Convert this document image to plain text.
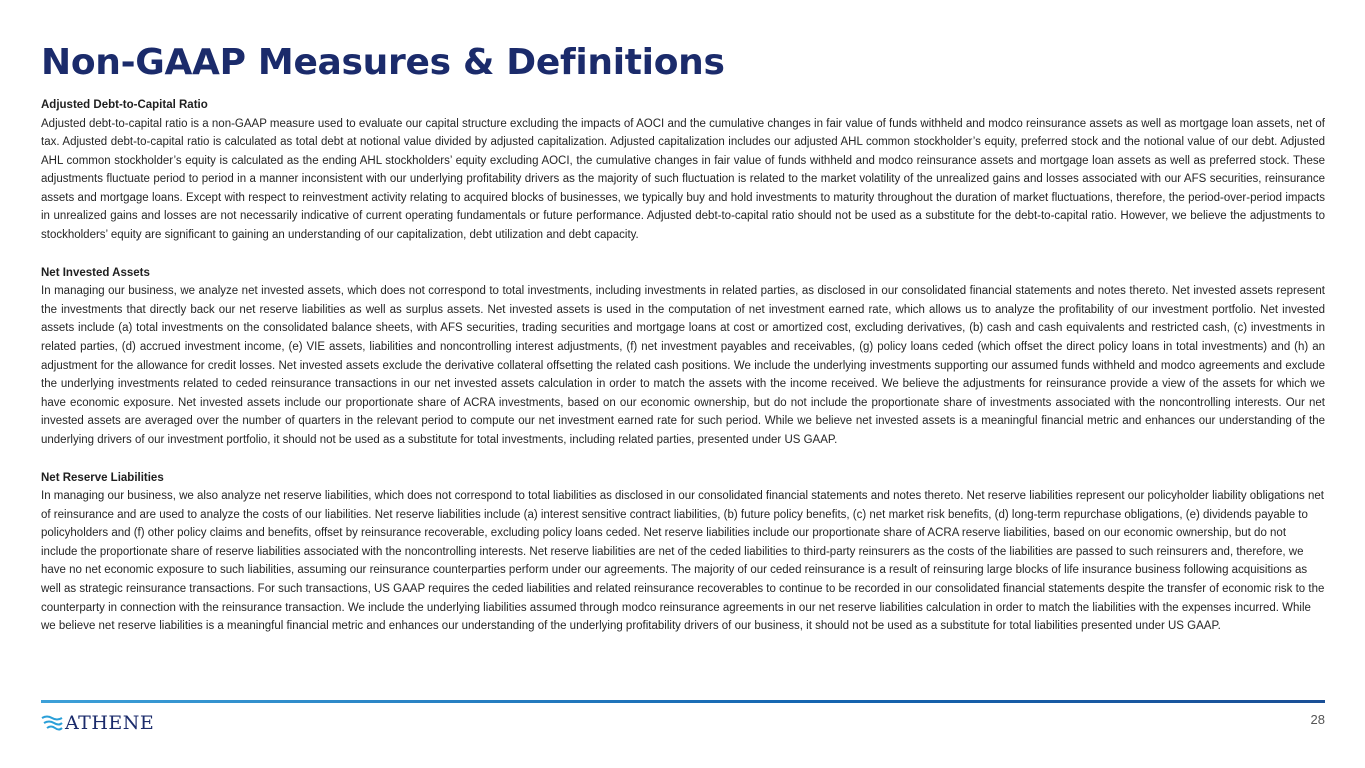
Non-GAAP Measures & Definitions

Adjusted Debt-to-Capital Ratio

Adjusted debt-to-capital ratio is a non-GAAP measure used to evaluate our capital structure excluding the impacts of AOCI and the cumulative changes in fair value of funds withheld and modco reinsurance assets as well as mortgage loan assets, net of tax. Adjusted debt-to-capital ratio is calculated as total debt at notional value divided by adjusted capitalization. Adjusted capitalization includes our adjusted AHL common stockholder’s equity, preferred stock and the notional value of our debt. Adjusted AHL common stockholder’s equity is calculated as the ending AHL stockholders’ equity excluding AOCI, the cumulative changes in fair value of funds withheld and modco reinsurance assets and mortgage loan assets as well as preferred stock. These adjustments fluctuate period to period in a manner inconsistent with our underlying profitability drivers as the majority of such fluctuation is related to the market volatility of the unrealized gains and losses associated with our AFS securities, reinsurance assets and mortgage loans. Except with respect to reinvestment activity relating to acquired blocks of businesses, we typically buy and hold investments to maturity throughout the duration of market fluctuations, therefore, the period-over-period impacts in unrealized gains and losses are not necessarily indicative of current operating fundamentals or future performance. Adjusted debt-to-capital ratio should not be used as a substitute for the debt-to-capital ratio. However, we believe the adjustments to stockholders’ equity are significant to gaining an understanding of our capitalization, debt utilization and debt capacity.

Net Invested Assets

In managing our business, we analyze net invested assets, which does not correspond to total investments, including investments in related parties, as disclosed in our consolidated financial statements and notes thereto. Net invested assets represent the investments that directly back our net reserve liabilities as well as surplus assets. Net invested assets is used in the computation of net investment earned rate, which allows us to analyze the profitability of our investment portfolio. Net invested assets include (a) total investments on the consolidated balance sheets, with AFS securities, trading securities and mortgage loans at cost or amortized cost, excluding derivatives, (b) cash and cash equivalents and restricted cash, (c) investments in related parties, (d) accrued investment income, (e) VIE assets, liabilities and noncontrolling interest adjustments, (f) net investment payables and receivables, (g) policy loans ceded (which offset the direct policy loans in total investments) and (h) an adjustment for the allowance for credit losses. Net invested assets exclude the derivative collateral offsetting the related cash positions. We include the underlying investments supporting our assumed funds withheld and modco agreements and exclude the underlying investments related to ceded reinsurance transactions in our net invested assets calculation in order to match the assets with the income received. We believe the adjustments for reinsurance provide a view of the assets for which we have economic exposure. Net invested assets include our proportionate share of ACRA investments, based on our economic ownership, but do not include the proportionate share of investments associated with the noncontrolling interests. Our net invested assets are averaged over the number of quarters in the relevant period to compute our net investment earned rate for such period. While we believe net invested assets is a meaningful financial metric and enhances our understanding of the underlying drivers of our investment portfolio, it should not be used as a substitute for total investments, including related parties, presented under US GAAP.

Net Reserve Liabilities

In managing our business, we also analyze net reserve liabilities, which does not correspond to total liabilities as disclosed in our consolidated financial statements and notes thereto. Net reserve liabilities represent our policyholder liability obligations net of reinsurance and are used to analyze the costs of our liabilities. Net reserve liabilities include (a) interest sensitive contract liabilities, (b) future policy benefits, (c) net market risk benefits, (d) long-term repurchase obligations, (e) dividends payable to policyholders and (f) other policy claims and benefits, offset by reinsurance recoverable, excluding policy loans ceded. Net reserve liabilities include our proportionate share of ACRA reserve liabilities, based on our economic ownership, but do not include the proportionate share of reserve liabilities associated with the noncontrolling interests. Net reserve liabilities are net of the ceded liabilities to third-party reinsurers as the costs of the liabilities are passed to such reinsurers and, therefore, we have no net economic exposure to such liabilities, assuming our reinsurance counterparties perform under our agreements. The majority of our ceded reinsurance is a result of reinsuring large blocks of life insurance business following acquisitions as well as strategic reinsurance transactions. For such transactions, US GAAP requires the ceded liabilities and related reinsurance recoverables to continue to be recorded in our consolidated financial statements despite the transfer of economic risk to the counterparty in connection with the reinsurance transaction. We include the underlying liabilities assumed through modco reinsurance agreements in our net reserve liabilities calculation in order to match the liabilities with the expenses incurred. While we believe net reserve liabilities is a meaningful financial metric and enhances our understanding of the underlying profitability drivers of our business, it should not be used as a substitute for total liabilities presented under US GAAP.

ATHENE	28
